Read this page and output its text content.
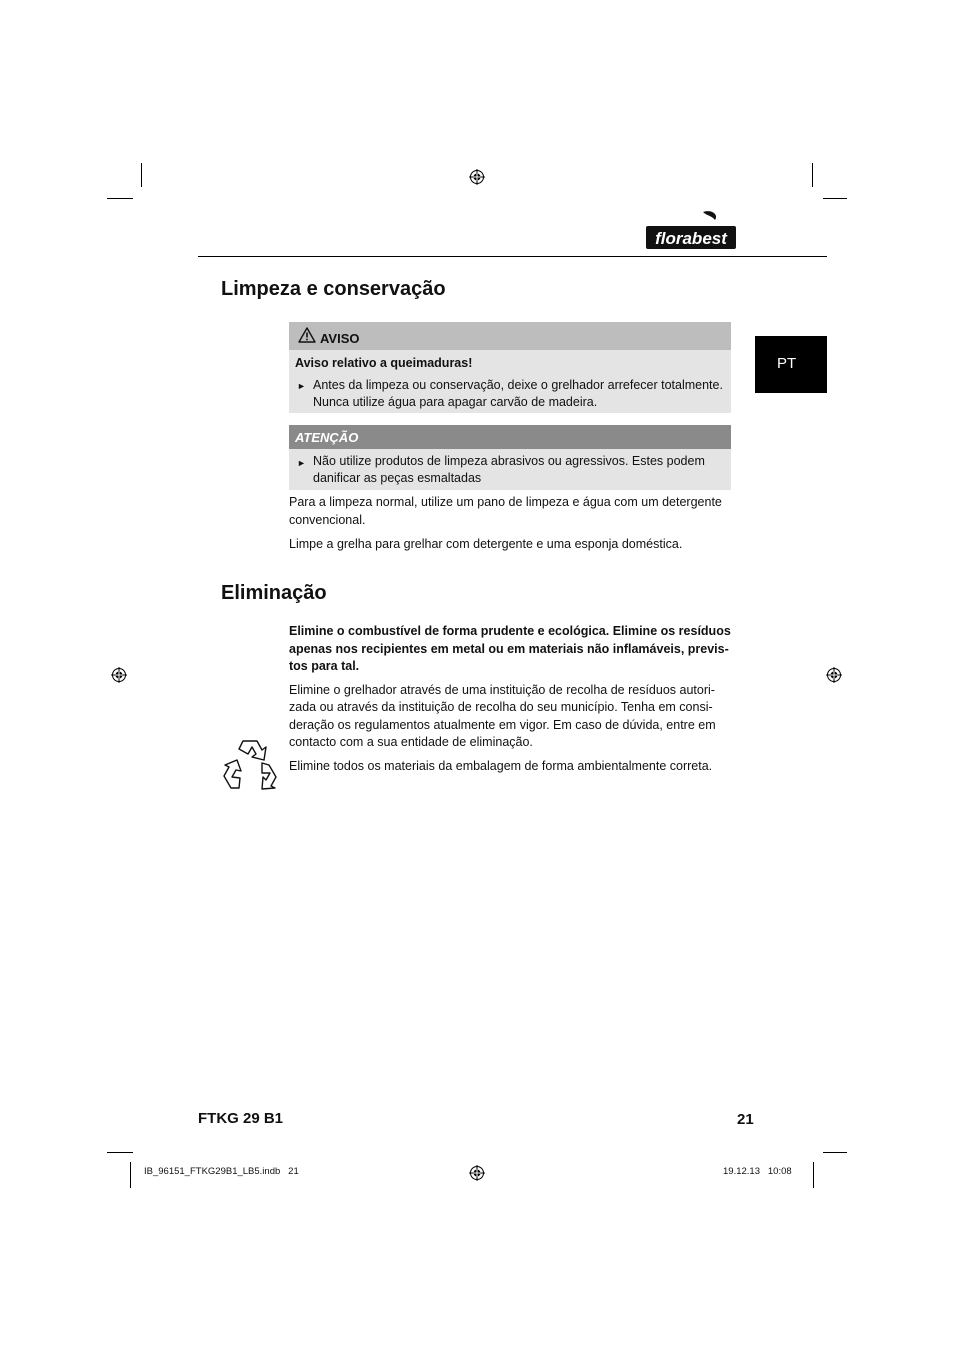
florabest
PT
Limpeza e conservação
AVISO
Aviso relativo a queimaduras!
► Antes da limpeza ou conservação, deixe o grelhador arrefecer totalmente.
Nunca utilize água para apagar carvão de madeira.
ATENÇÃO
► Não utilize produtos de limpeza abrasivos ou agressivos. Estes podem
danificar as peças esmaltadas

Para a limpeza normal, utilize um pano de limpeza e água com um detergente

convencional.

Limpe a grelha para grelhar com detergente e uma esponja doméstica.

Eliminação

Elimine o combustível de forma prudente e ecológica. Elimine os resíduos

apenas nos recipientes em metal ou em materiais não inflamáveis, previs-

tos para tal.

Elimine o grelhador através de uma instituição de recolha de resíduos autori-

zada ou através da instituição de recolha do seu município. Tenha em consi-

deração os regulamentos atualmente em vigor. Em caso de dúvida, entre em

contacto com a sua entidade de eliminação.

Elimine todos os materiais da embalagem de forma ambientalmente correta.

FTKG 29 B1	21
IB_96151_FTKG29B1_LB5.indb   21	19.12.13   10:08
